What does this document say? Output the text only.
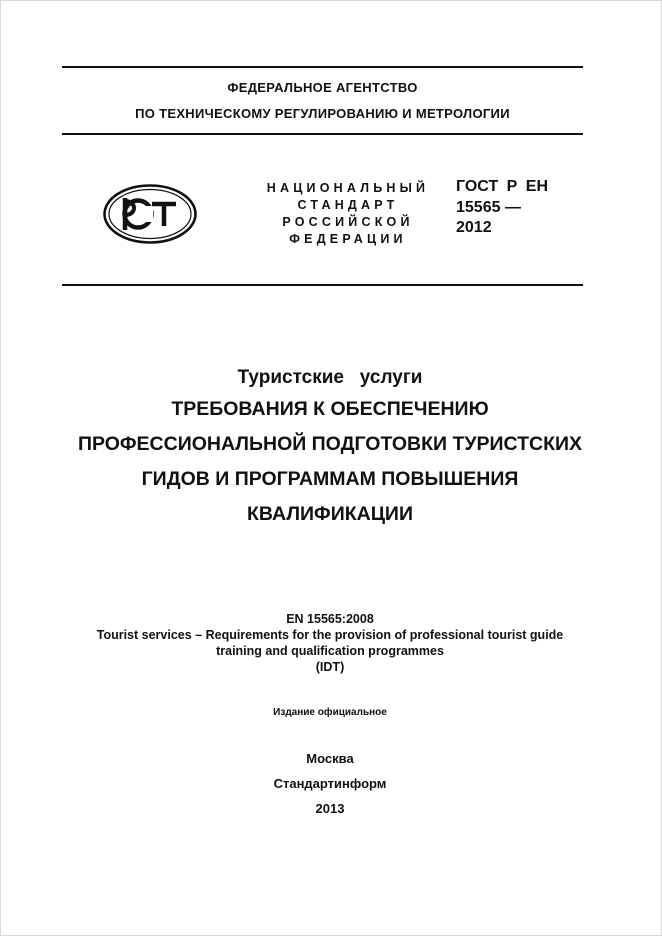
ФЕДЕРАЛЬНОЕ АГЕНТСТВО
ПО ТЕХНИЧЕСКОМУ РЕГУЛИРОВАНИЮ И МЕТРОЛОГИИ
НАЦИОНАЛЬНЫЙ
СТАНДАРТ
РОССИЙСКОЙ
ФЕДЕРАЦИИ
ГОСТ Р ЕН
15565 —
2012
Туристские   услуги
ТРЕБОВАНИЯ К ОБЕСПЕЧЕНИЮ
ПРОФЕССИОНАЛЬНОЙ ПОДГОТОВКИ ТУРИСТСКИХ
ГИДОВ И ПРОГРАММАМ ПОВЫШЕНИЯ
КВАЛИФИКАЦИИ
EN 15565:2008
Tourist services – Requirements for the provision of professional tourist guide
training and qualification programmes
(IDT)
Издание официальное
Москва
Стандартинформ
2013
